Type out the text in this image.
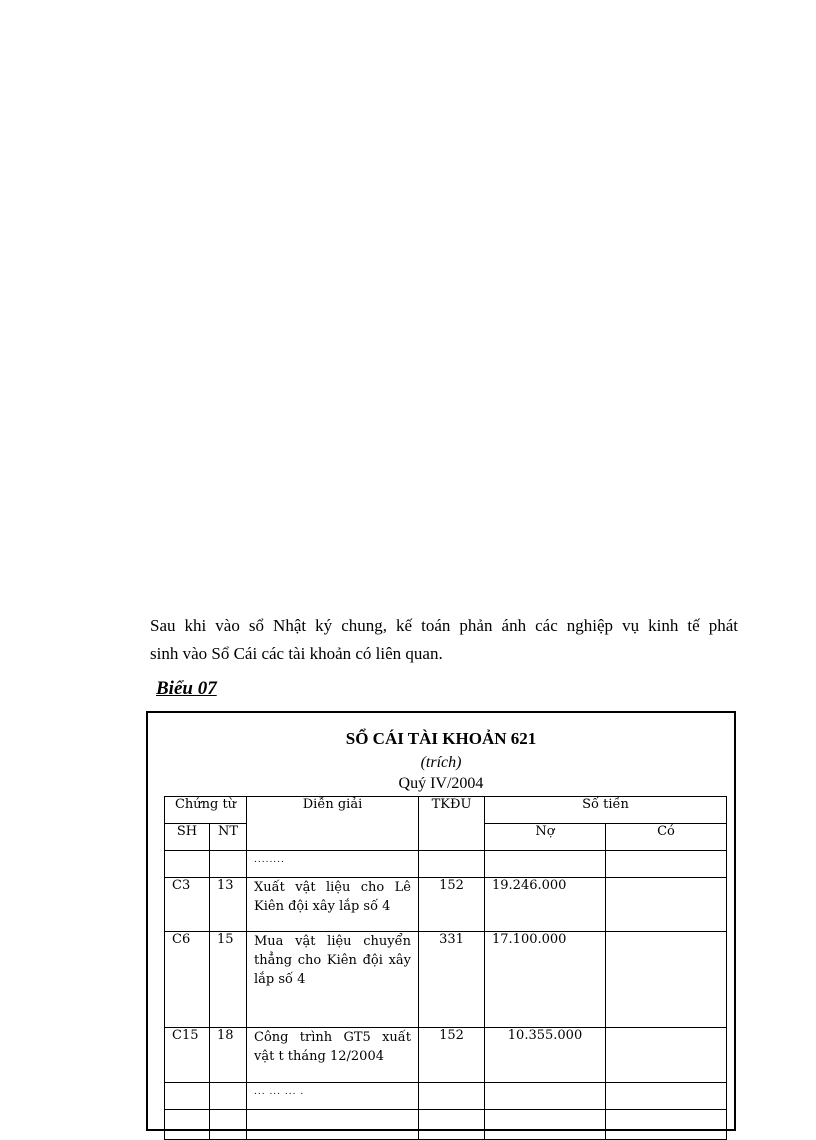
Sau khi vào sổ Nhật ký chung, kế toán phản ánh các nghiệp vụ kinh tế phát

sinh vào Sổ Cái các tài khoản có liên quan.

Biểu 07
SỔ CÁI TÀI KHOẢN 621
(trích)
Quý IV/2004
Chứng từ		Diễn giải	TKĐU	Số tiền	
SH	NT			Nợ	Có
		........			
C3	13	Xuất vật liệu cho Lê Kiên đội xây lắp số 4	152	19.246.000	
C6	15	Mua vật liệu chuyển thẳng cho Kiên đội xây lắp số 4	331	17.100.000	
C15	18	Công trình GT5 xuất vật t tháng 12/2004	152	10.355.000	
		... ... ... .			
